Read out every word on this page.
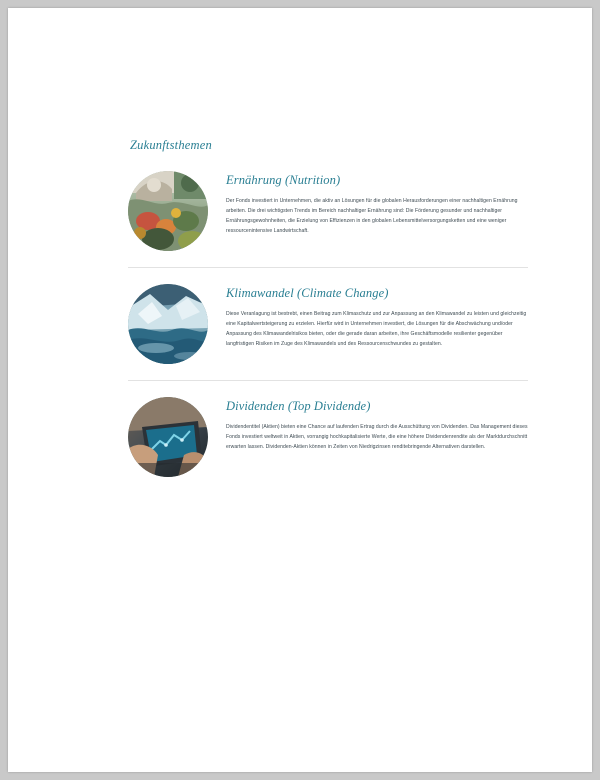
Zukunftsthemen
Ernährung (Nutrition)

Der Fonds investiert in Unternehmen, die aktiv an Lösungen für die globalen Herausforderungen einer nachhaltigen Ernährung arbeiten. Die drei wichtigsten Trends im Bereich nachhaltiger Ernährung sind: Die Förderung gesunder und nachhaltiger Ernährungsgewohnheiten, die Erzielung von Effizienzen in den globalen Lebensmittelversorgungsketten und eine weniger ressourcenintensive Landwirtschaft.

Klimawandel (Climate Change)

Diese Veranlagung ist bestrebt, einen Beitrag zum Klimaschutz und zur Anpassung an den Klimawandel zu leisten und gleichzeitig eine Kapitalwertsteigerung zu erzielen. Hierfür wird in Unternehmen investiert, die Lösungen für die Abschwächung und/oder Anpassung des Klimawandelrisikos bieten, oder die gerade daran arbeiten, ihre Geschäftsmodelle resilienter gegenüber langfristigen Risiken im Zuge des Klimawandels und des Ressourcenschwundes zu gestalten.

Dividenden (Top Dividende)

Dividendentitel (Aktien) bieten eine Chance auf laufenden Ertrag durch die Ausschüttung von Dividenden. Das Management dieses Fonds investiert weltweit in Aktien, vorrangig hochkapitalisierte Werte, die eine höhere Dividendenrendite als der Marktdurchschnitt erwarten lassen. Dividenden-Aktien können in Zeiten von Niedrigzinsen renditebringende Alternativen darstellen.
